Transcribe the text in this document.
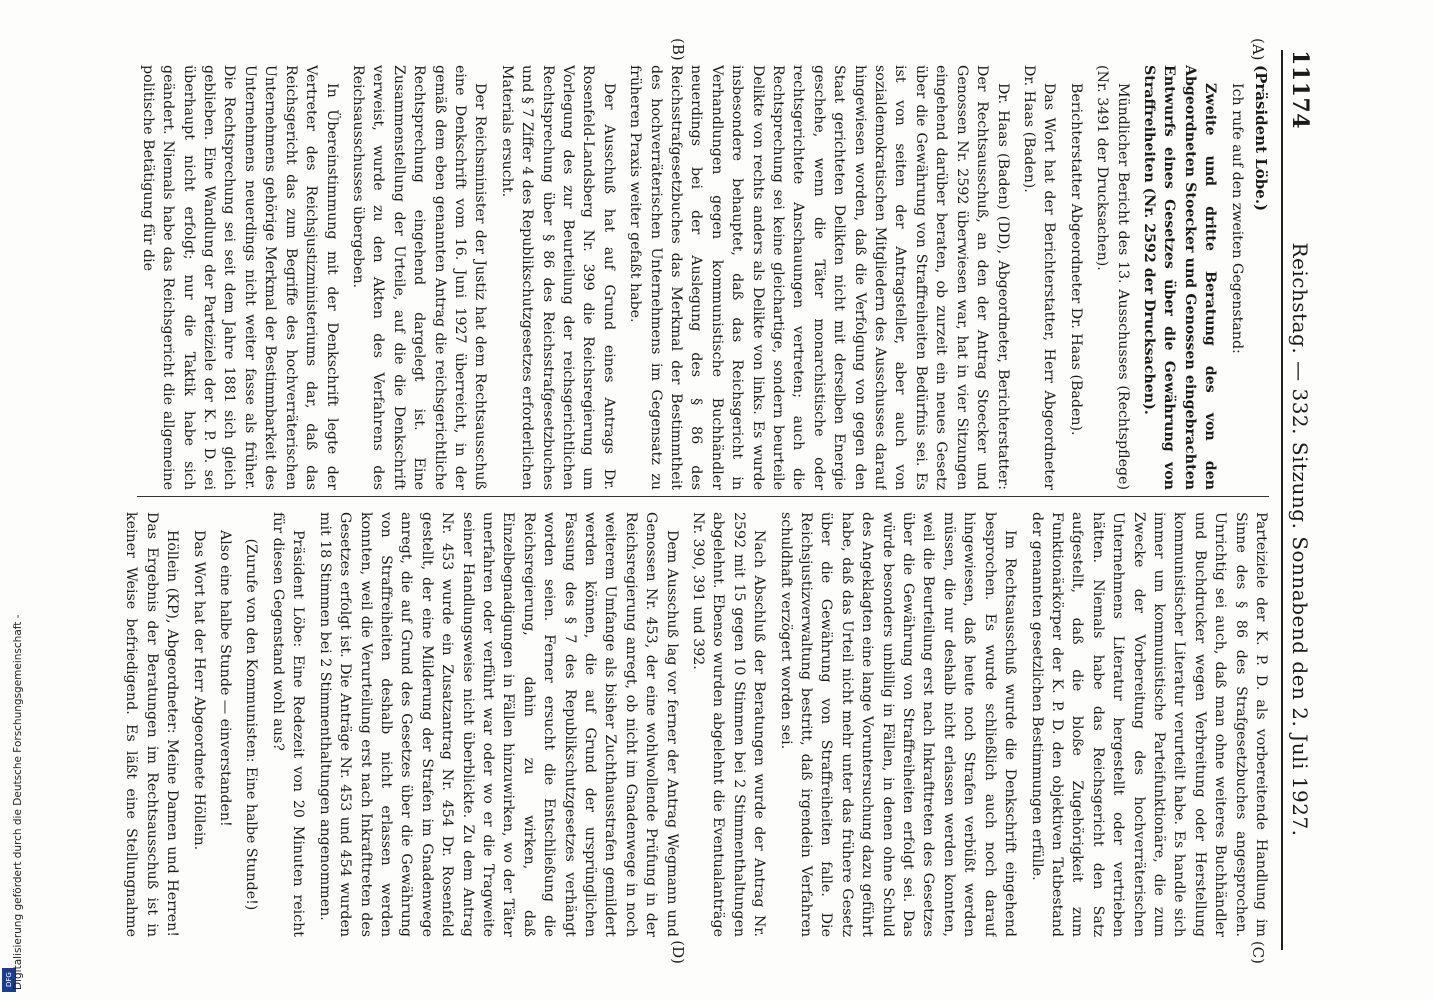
11174
Reichstag. — 332. Sitzung. Sonnabend den 2. Juli 1927.
(A)
(B)
(C)
(D)

(Präsident Löbe.)

Ich rufe auf den zweiten Gegenstand:

Zweite und dritte Beratung des von den Abgeordneten Stoecker und Genossen eingebrachten Entwurfs eines Gesetzes über die Gewährung von Straffreiheiten (Nr. 2592 der Drucksachen).

Mündlicher Bericht des 13. Ausschusses (Rechtspflege) (Nr. 3491 der Drucksachen).

Berichterstatter Abgeordneter Dr. Haas (Baden).

Das Wort hat der Berichterstatter, Herr Abgeordneter Dr. Haas (Baden).

Dr. Haas (Baden) (DD), Abgeordneter, Berichterstatter: Der Rechtsausschuß, an den der Antrag Stoecker und Genossen Nr. 2592 überwiesen war, hat in vier Sitzungen eingehend darüber beraten, ob zurzeit ein neues Gesetz über die Gewährung von Straffreiheiten Bedürfnis sei. Es ist von seiten der Antragsteller, aber auch von sozialdemokratischen Mitgliedern des Ausschusses darauf hingewiesen worden, daß die Verfolgung von gegen den Staat gerichteten Delikten nicht mit derselben Energie geschehe, wenn die Täter monarchistische oder rechtsgerichtete Anschauungen vertreten; auch die Rechtsprechung sei keine gleichartige, sondern beurteile Delikte von rechts anders als Delikte von links. Es wurde insbesondere behauptet, daß das Reichsgericht in Verhandlungen gegen kommunistische Buchhändler neuerdings bei der Auslegung des § 86 des Reichsstrafgesetzbuches das Merkmal der Bestimmtheit des hochverräterischen Unternehmens im Gegensatz zu früheren Praxis weiter gefaßt habe.

Der Ausschuß hat auf Grund eines Antrags Dr. Rosenfeld-Landsberg Nr. 399 die Reichsregierung um Vorlegung des zur Beurteilung der reichsgerichtlichen Rechtsprechung über § 86 des Reichsstrafgesetzbuches und § 7 Ziffer 4 des Republikschutzgesetzes erforderlichen Materials ersucht.

Der Reichsminister der Justiz hat dem Rechtsausschuß eine Denkschrift vom 16. Juni 1927 überreicht, in der gemäß dem eben genannten Antrag die reichsgerichtliche Rechtsprechung eingehend dargelegt ist. Eine Zusammenstellung der Urteile, auf die die Denkschrift verweist, wurde zu den Akten des Verfahrens des Reichsausschusses übergeben.

In Übereinstimmung mit der Denkschrift legte der Vertreter des Reichsjustizministeriums dar, daß das Reichsgericht das zum Begriffe des hochverräterischen Unternehmens gehörige Merkmal der Bestimmbarkeit des Unternehmens neuerdings nicht weiter fasse als früher. Die Rechtsprechung sei seit dem Jahre 1881 sich gleich geblieben. Eine Wandlung der Parteiziele der K. P. D. sei überhaupt nicht erfolgt; nur die Taktik habe sich geändert. Niemals habe das Reichsgericht die allgemeine politische Betätigung für die

Parteiziele der K. P. D. als vorbereitende Handlung im Sinne des § 86 des Strafgesetzbuches angesprochen. Unrichtig sei auch, daß man ohne weiteres Buchhändler und Buchdrucker wegen Verbreitung oder Herstellung kommunistischer Literatur verurteilt habe. Es handle sich immer um kommunistische Parteifunktionäre, die zum Zwecke der Vorbereitung des hochverräterischen Unternehmens Literatur hergestellt oder vertrieben hätten. Niemals habe das Reichsgericht den Satz aufgestellt, daß die bloße Zugehörigkeit zum Funktionärkörper der K. P. D. den objektiven Tatbestand der genannten gesetzlichen Bestimmungen erfülle.

Im Rechtsausschuß wurde die Denkschrift eingehend besprochen. Es wurde schließlich auch noch darauf hingewiesen, daß heute noch Strafen verbüßt werden müssen, die nur deshalb nicht erlassen werden konnten, weil die Beurteilung erst nach Inkrafttreten des Gesetzes über die Gewährung von Straffreiheiten erfolgt sei. Das würde besonders unbillig in Fällen, in denen ohne Schuld des Angeklagten eine lange Voruntersuchung dazu geführt habe, daß das Urteil nicht mehr unter das frühere Gesetz über die Gewährung von Straffreiheiten falle. Die Reichsjustizverwaltung bestritt, daß irgendein Verfahren schuldhaft verzögert worden sei.

Nach Abschluß der Beratungen wurde der Antrag Nr. 2592 mit 15 gegen 10 Stimmen bei 2 Stimmenthaltungen abgelehnt. Ebenso wurden abgelehnt die Eventualanträge Nr. 390, 391 und 392.

Dem Ausschuß lag vor ferner der Antrag Wegmann und Genossen Nr. 453, der eine wohlwollende Prüfung in der Reichsregierung anregt, ob nicht im Gnadenwege in noch weiterem Umfange als bisher Zuchthausstrafen gemildert werden können, die auf Grund der ursprünglichen Fassung des § 7 des Republikschutzgesetzes verhängt worden seien. Ferner ersucht die Entschließung die Reichsregierung, dahin zu wirken, daß Einzelbegnadigungen in Fällen hinzuwirken, wo der Täter unerfahren oder verführt war oder wo er die Tragweite seiner Handlungsweise nicht überblickte. Zu dem Antrag Nr. 453 wurde ein Zusatzantrag Nr. 454 Dr. Rosenfeld gestellt, der eine Milderung der Strafen im Gnadenwege anregt, die auf Grund des Gesetzes über die Gewährung von Straffreiheiten deshalb nicht erlassen werden konnten, weil die Verurteilung erst nach Inkrafttreten des Gesetzes erfolgt ist. Die Anträge Nr. 453 und 454 wurden mit 18 Stimmen bei 2 Stimmenthaltungen angenommen.

Präsident Löbe: Eine Redezeit von 20 Minuten reicht für diesen Gegenstand wohl aus?

(Zurufe von den Kommunisten: Eine halbe Stunde!)

Also eine halbe Stunde — einverstanden!

Das Wort hat der Herr Abgeordnete Höllein.

Höllein (KP), Abgeordneter: Meine Damen und Herren! Das Ergebnis der Beratungen im Rechtsausschuß ist in keiner Weise befriedigend. Es läßt eine Stellungnahme

DFG Digitalisierung gefördert durch die Deutsche Forschungsgemeinschaft -
